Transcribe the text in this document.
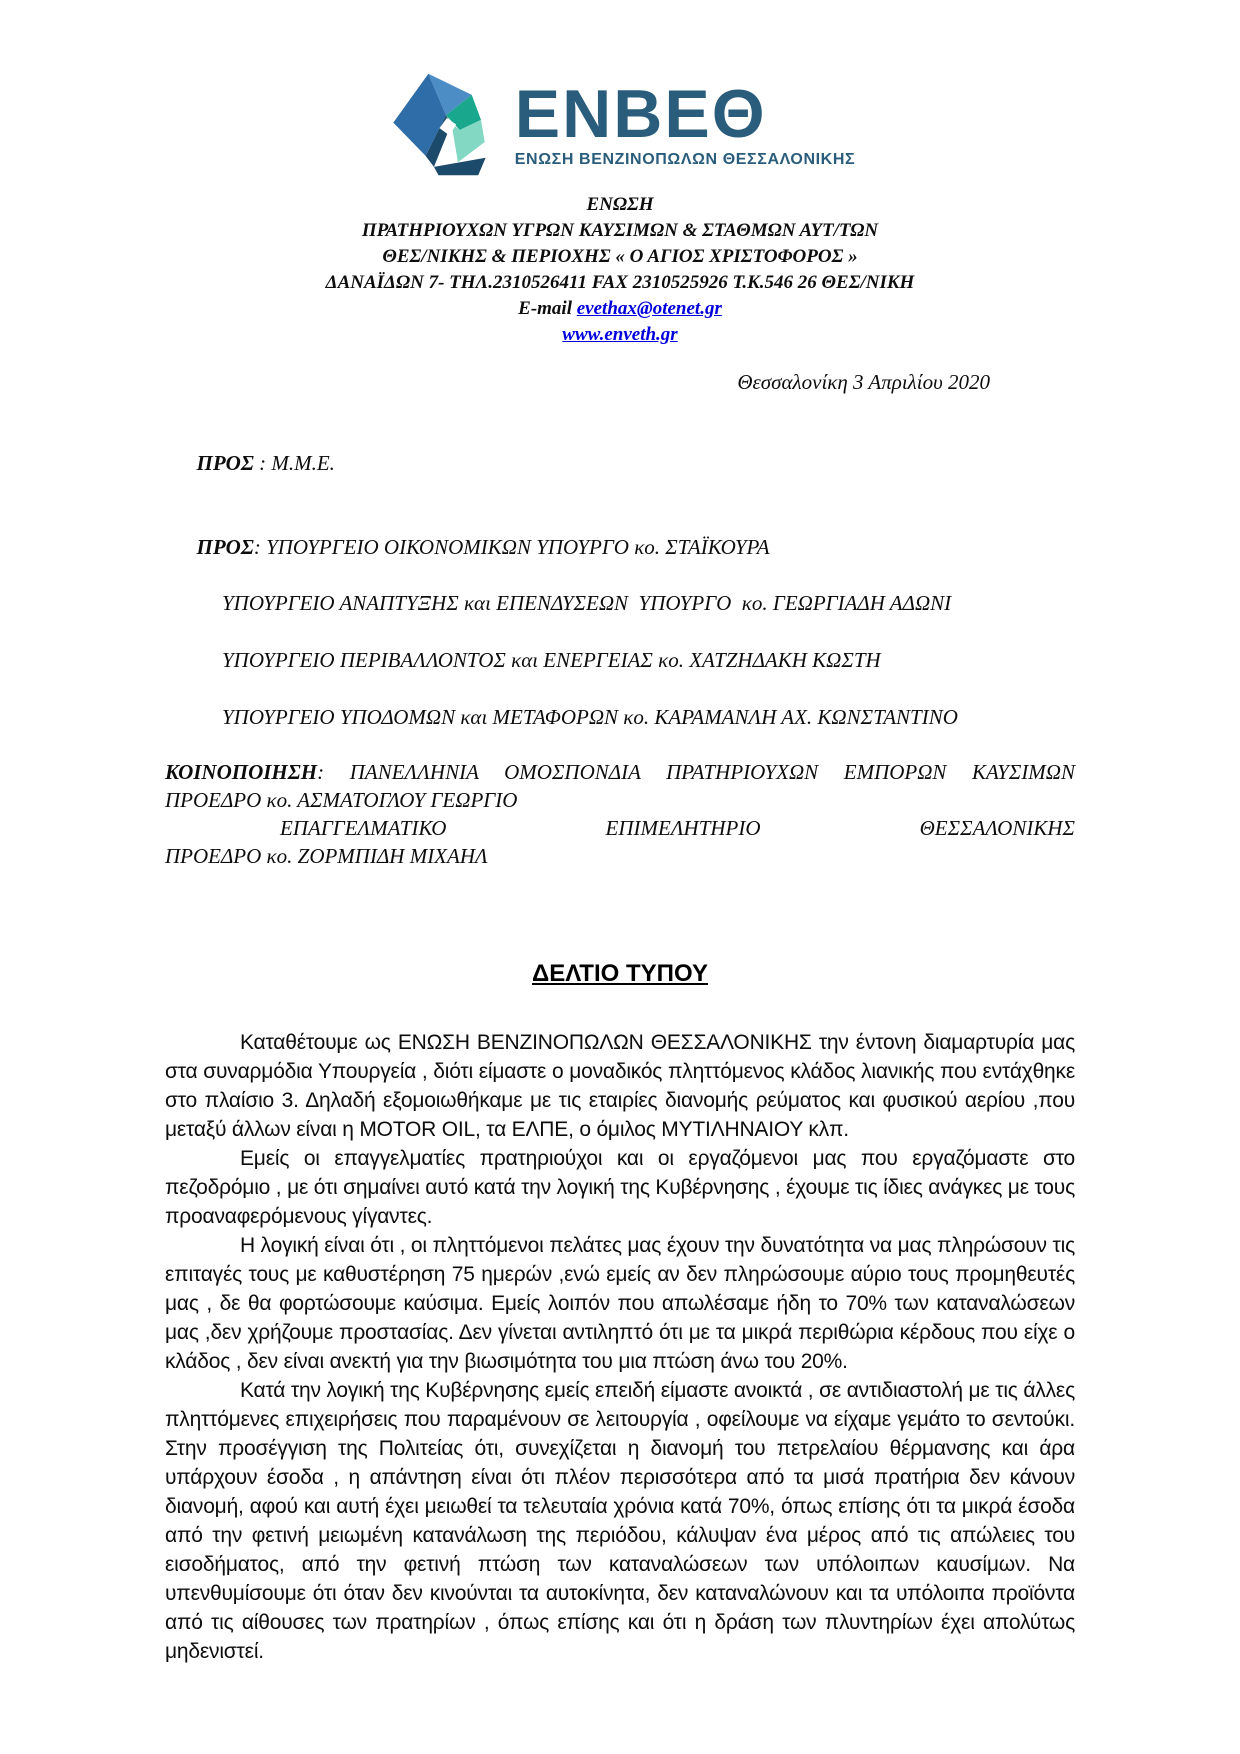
ΕΝΒΕΘ
ΕΝΩΣΗ ΒΕΝΖΙΝΟΠΩΛΩΝ ΘΕΣΣΑΛΟΝΙΚΗΣ
ΕΝΩΣΗ
ΠΡΑΤΗΡΙΟΥΧΩΝ ΥΓΡΩΝ ΚΑΥΣΙΜΩΝ & ΣΤΑΘΜΩΝ ΑΥΤ/ΤΩΝ
ΘΕΣ/ΝΙΚΗΣ & ΠΕΡΙΟΧΗΣ « Ο ΑΓΙΟΣ ΧΡΙΣΤΟΦΟΡΟΣ »
ΔΑΝΑΪΔΩΝ 7- ΤΗΛ.2310526411 FAX 2310525926 Τ.Κ.546 26 ΘΕΣ/ΝΙΚΗ
E-mail evethax@otenet.gr
www.enveth.gr
Θεσσαλονίκη 3 Απριλίου 2020

ΠΡΟΣ : Μ.Μ.Ε.

ΠΡΟΣ: ΥΠΟΥΡΓΕΙΟ ΟΙΚΟΝΟΜΙΚΩΝ ΥΠΟΥΡΓΟ κο. ΣΤΑΪΚΟΥΡΑ

ΥΠΟΥΡΓΕΙΟ ΑΝΑΠΤΥΞΗΣ και ΕΠΕΝΔΥΣΕΩΝ  ΥΠΟΥΡΓΟ  κο. ΓΕΩΡΓΙΑΔΗ ΑΔΩΝΙ
ΥΠΟΥΡΓΕΙΟ ΠΕΡΙΒΑΛΛΟΝΤΟΣ και ΕΝΕΡΓΕΙΑΣ κο. ΧΑΤΖΗΔΑΚΗ ΚΩΣΤΗ
ΥΠΟΥΡΓΕΙΟ ΥΠΟΔΟΜΩΝ και ΜΕΤΑΦΟΡΩΝ κο. ΚΑΡΑΜΑΝΛΗ ΑΧ. ΚΩΝΣΤΑΝΤΙΝΟ
ΚΟΙΝΟΠΟΙΗΣΗ: ΠΑΝΕΛΛΗΝΙΑ ΟΜΟΣΠΟΝΔΙΑ ΠΡΑΤΗΡΙΟΥΧΩΝ ΕΜΠΟΡΩΝ ΚΑΥΣΙΜΩΝ
ΠΡΟΕΔΡΟ κο. ΑΣΜΑΤΟΓΛΟΥ ΓΕΩΡΓΙΟ
ΕΠΑΓΓΕΛΜΑΤΙΚΟ ΕΠΙΜΕΛΗΤΗΡΙΟ ΘΕΣΣΑΛΟΝΙΚΗΣ
ΠΡΟΕΔΡΟ κο. ΖΟΡΜΠΙΔΗ ΜΙΧΑΗΛ
ΔΕΛΤΙΟ ΤΥΠΟΥ

Καταθέτουμε ως ΕΝΩΣΗ ΒΕΝΖΙΝΟΠΩΛΩΝ ΘΕΣΣΑΛΟΝΙΚΗΣ την έντονη διαμαρτυρία μας στα συναρμόδια Υπουργεία , διότι είμαστε ο μοναδικός πληττόμενος κλάδος λιανικής που εντάχθηκε στο πλαίσιο 3. Δηλαδή εξομοιωθήκαμε με τις εταιρίες διανομής ρεύματος και φυσικού αερίου ,που μεταξύ άλλων είναι η MOTOR OIL, τα ΕΛΠΕ, ο όμιλος ΜΥΤΙΛΗΝΑΙΟΥ κλπ.

Εμείς οι επαγγελματίες πρατηριούχοι και οι εργαζόμενοι μας που εργαζόμαστε στο πεζοδρόμιο , με ότι σημαίνει αυτό κατά την λογική της Κυβέρνησης , έχουμε τις ίδιες ανάγκες με τους προαναφερόμενους γίγαντες.

Η λογική είναι ότι , οι πληττόμενοι πελάτες μας έχουν την δυνατότητα να μας πληρώσουν τις επιταγές τους με καθυστέρηση 75 ημερών ,ενώ εμείς αν δεν πληρώσουμε αύριο τους προμηθευτές μας , δε θα φορτώσουμε καύσιμα. Εμείς λοιπόν που απωλέσαμε ήδη το 70% των καταναλώσεων μας ,δεν χρήζουμε προστασίας. Δεν γίνεται αντιληπτό ότι με τα μικρά περιθώρια κέρδους που είχε ο κλάδος , δεν είναι ανεκτή για την βιωσιμότητα του μια πτώση άνω του 20%.

Κατά την λογική της Κυβέρνησης εμείς επειδή είμαστε ανοικτά , σε αντιδιαστολή με τις άλλες πληττόμενες επιχειρήσεις που παραμένουν σε λειτουργία , οφείλουμε να είχαμε γεμάτο το σεντούκι. Στην προσέγγιση της Πολιτείας ότι, συνεχίζεται η διανομή του πετρελαίου θέρμανσης και άρα υπάρχουν έσοδα , η απάντηση είναι ότι πλέον περισσότερα από τα μισά πρατήρια δεν κάνουν διανομή, αφού και αυτή έχει μειωθεί τα τελευταία χρόνια κατά 70%, όπως επίσης ότι τα μικρά έσοδα από την φετινή μειωμένη κατανάλωση της περιόδου, κάλυψαν ένα μέρος από τις απώλειες του εισοδήματος, από την φετινή πτώση των καταναλώσεων των υπόλοιπων καυσίμων. Να υπενθυμίσουμε ότι όταν δεν κινούνται τα αυτοκίνητα, δεν καταναλώνουν και τα υπόλοιπα προϊόντα από τις αίθουσες των πρατηρίων , όπως επίσης και ότι η δράση των πλυντηρίων έχει απολύτως μηδενιστεί.
